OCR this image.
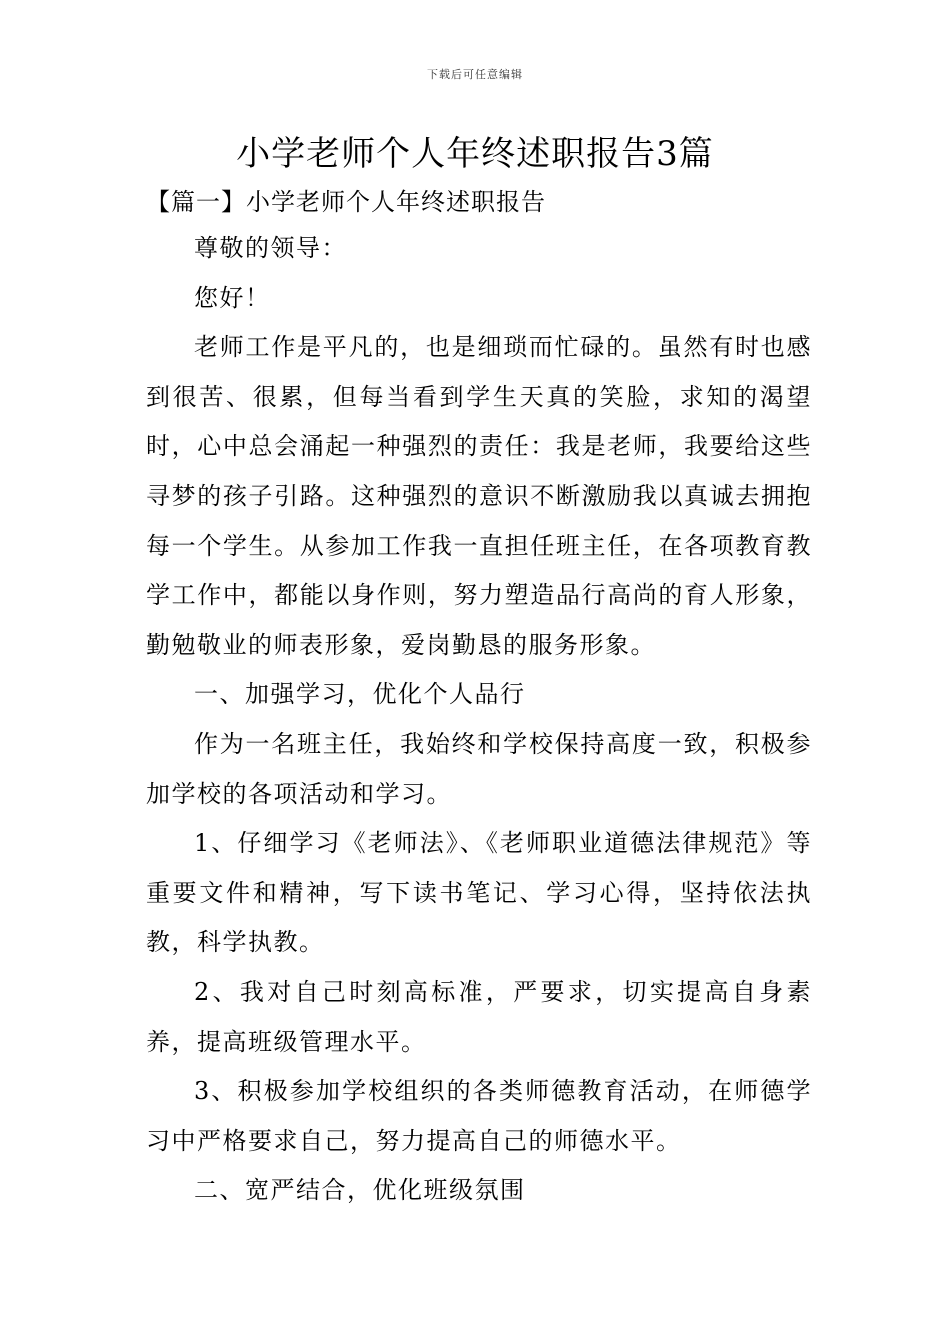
下载后可任意编辑
小学老师个人年终述职报告3篇
【篇一】小学老师个人年终述职报告

尊敬的领导：

您好！

老师工作是平凡的，也是细琐而忙碌的。虽然有时也感到很苦、很累，但每当看到学生天真的笑脸，求知的渴望时，心中总会涌起一种强烈的责任：我是老师，我要给这些寻梦的孩子引路。这种强烈的意识不断激励我以真诚去拥抱每一个学生。从参加工作我一直担任班主任，在各项教育教学工作中，都能以身作则，努力塑造品行高尚的育人形象，勤勉敬业的师表形象，爱岗勤恳的服务形象。

一、加强学习，优化个人品行

作为一名班主任，我始终和学校保持高度一致，积极参加学校的各项活动和学习。

1、仔细学习《老师法》、《老师职业道德法律规范》等重要文件和精神，写下读书笔记、学习心得，坚持依法执教，科学执教。

2、我对自己时刻高标准，严要求，切实提高自身素养，提高班级管理水平。

3、积极参加学校组织的各类师德教育活动，在师德学习中严格要求自己，努力提高自己的师德水平。

二、宽严结合，优化班级氛围
